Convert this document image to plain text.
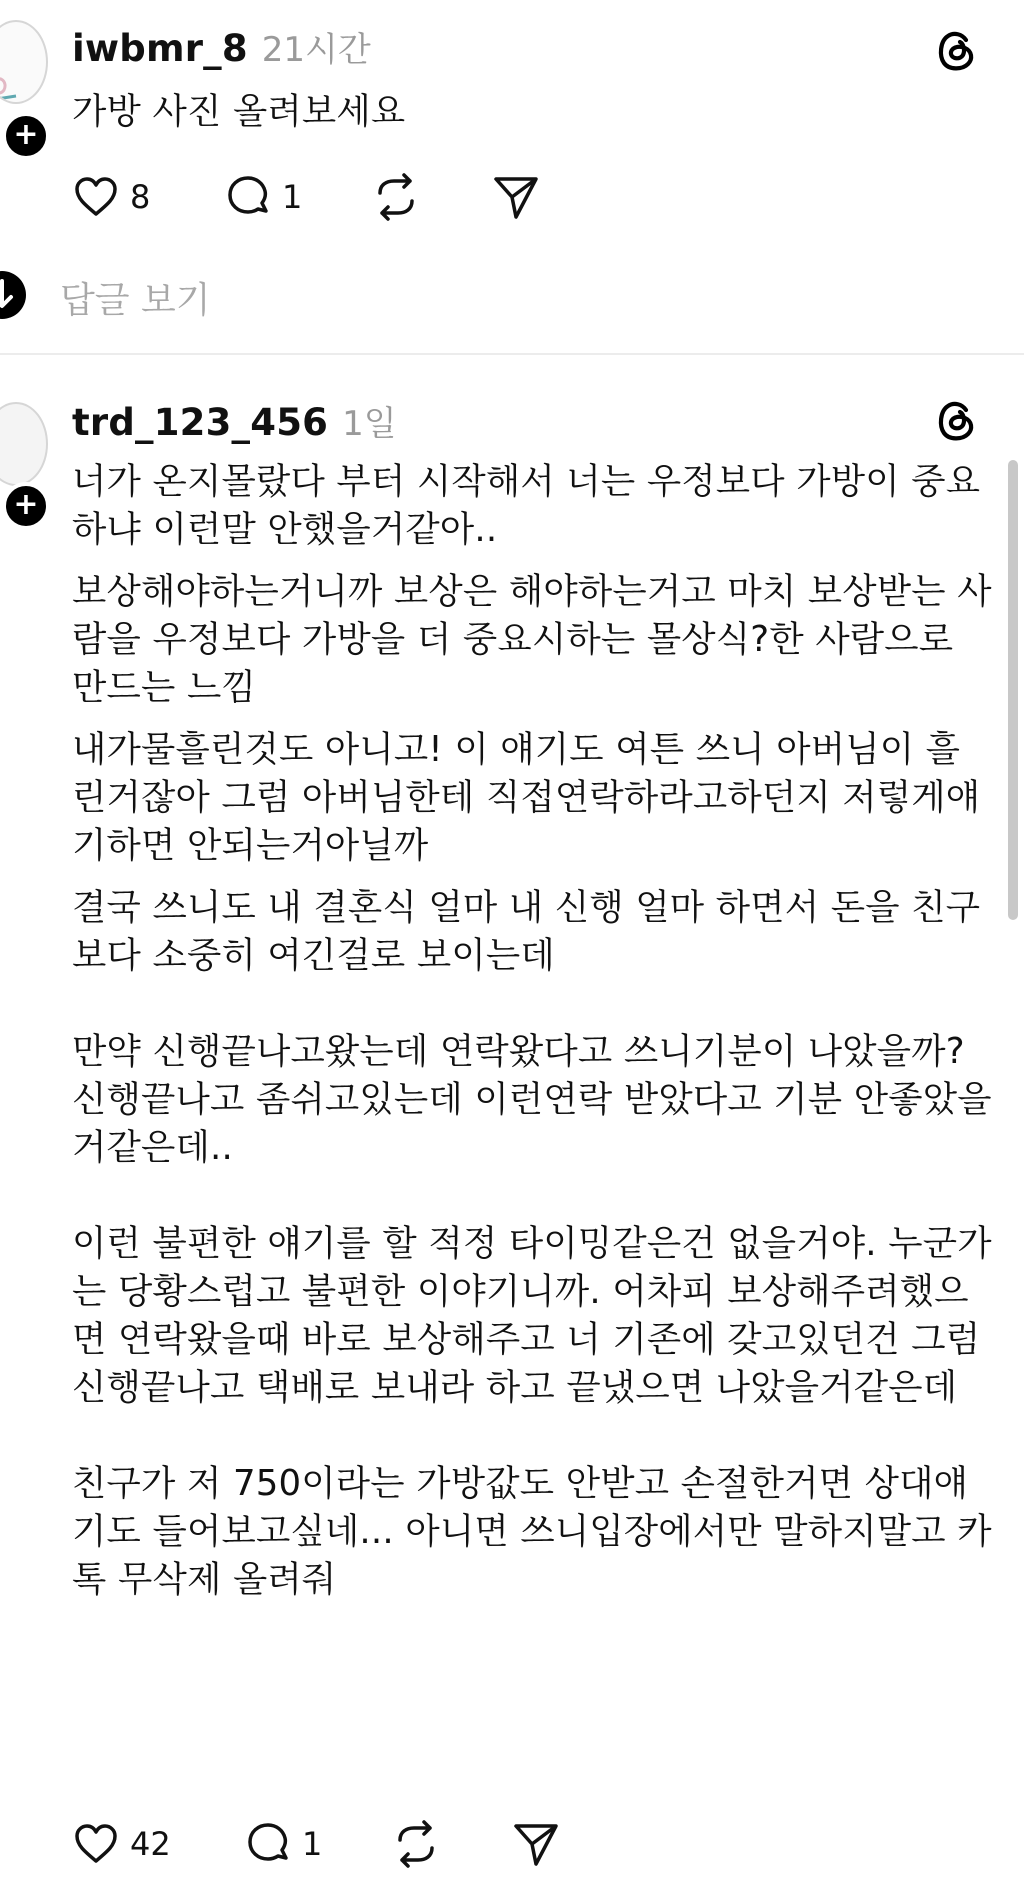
+
iwbmr_8 21시간

가방 사진 올려보세요

8	1
답글 보기
+
trd_123_456 1일

너가 온지몰랐다 부터 시작해서 너는 우정보다 가방이 중요하냐 이런말 안했을거같아..

보상해야하는거니까 보상은 해야하는거고 마치 보상받는 사람을 우정보다 가방을 더 중요시하는 몰상식?한 사람으로 만드는 느낌

내가물흘린것도 아니고! 이 얘기도 여튼 쓰니 아버님이 흘린거잖아 그럼 아버님한테 직접연락하라고하던지 저렇게얘기하면 안되는거아닐까

결국 쓰니도 내 결혼식 얼마 내 신행 얼마 하면서 돈을 친구보다 소중히 여긴걸로 보이는데

만약 신행끝나고왔는데 연락왔다고 쓰니기분이 나았을까? 신행끝나고 좀쉬고있는데 이런연락 받았다고 기분 안좋았을거같은데..

이런 불편한 얘기를 할 적정 타이밍같은건 없을거야. 누군가는 당황스럽고 불편한 이야기니까. 어차피 보상해주려했으면 연락왔을때 바로 보상해주고 너 기존에 갖고있던건 그럼 신행끝나고 택배로 보내라 하고 끝냈으면 나았을거같은데

친구가 저 750이라는 가방값도 안받고 손절한거면 상대얘기도 들어보고싶네... 아니면 쓰니입장에서만 말하지말고 카톡 무삭제 올려줘

42	1
